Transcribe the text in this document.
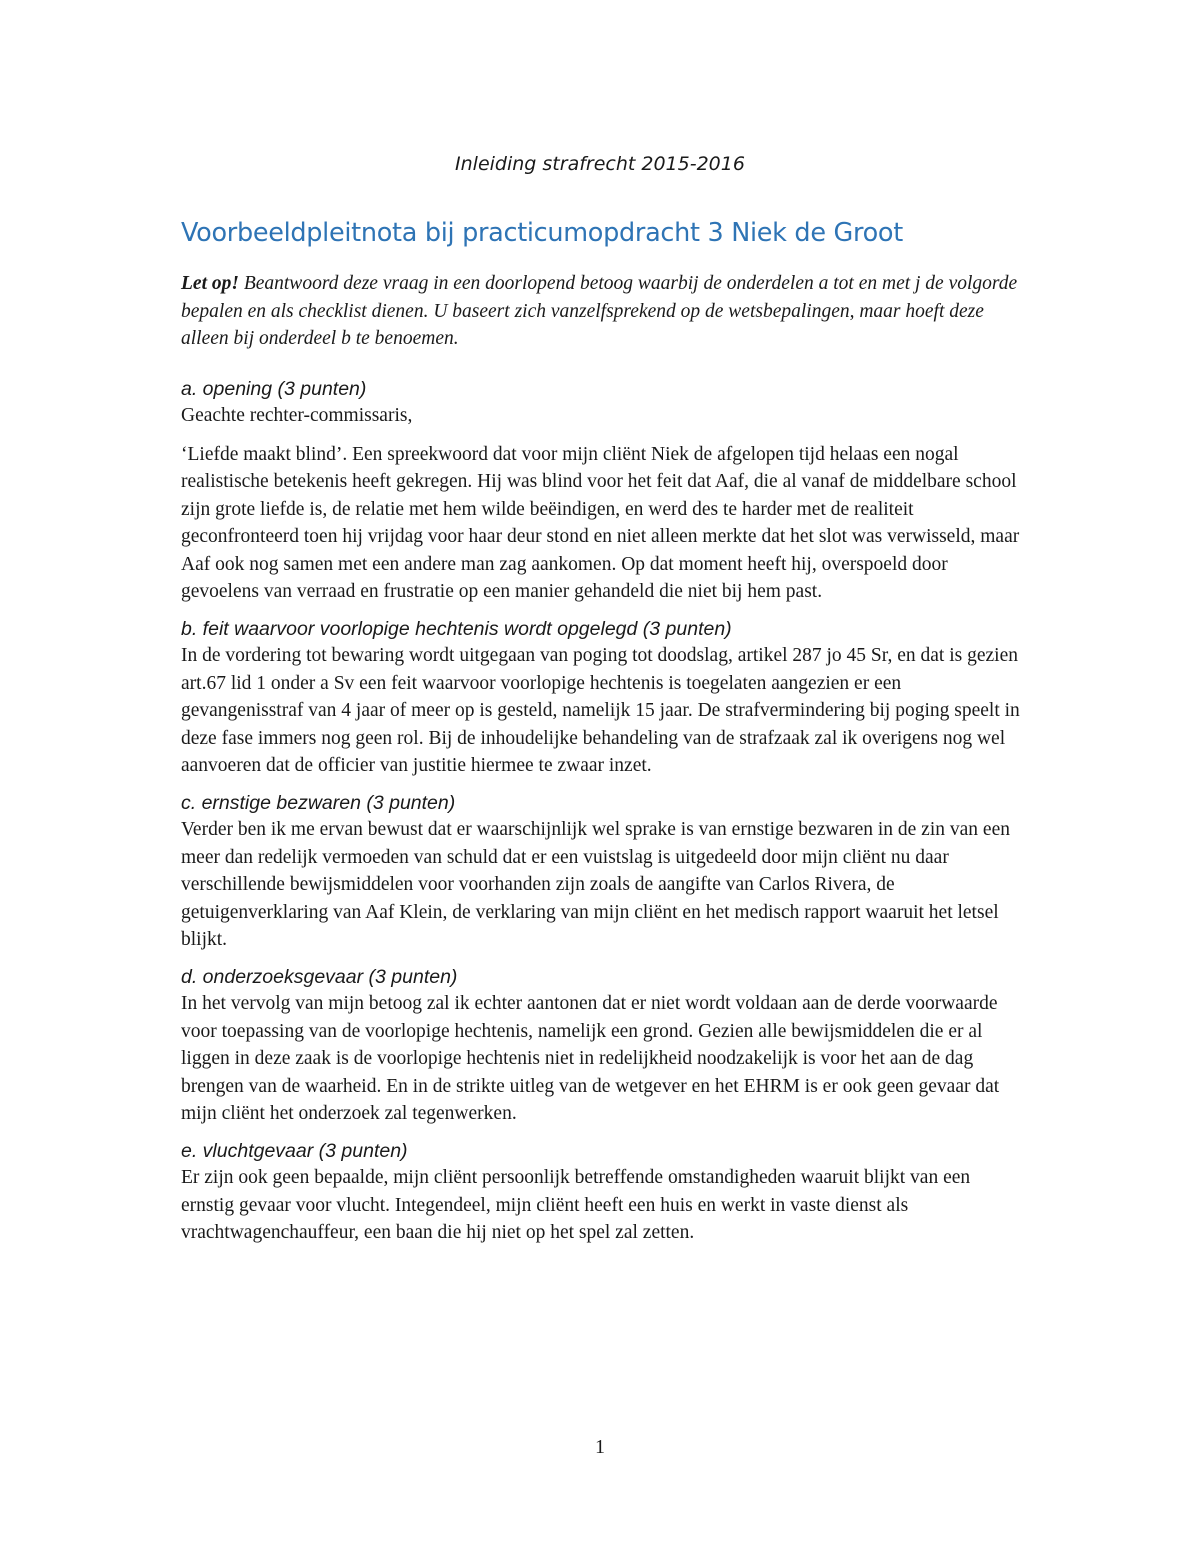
Inleiding strafrecht 2015-2016
Voorbeeldpleitnota bij practicumopdracht 3 Niek de Groot

Let op! Beantwoord deze vraag in een doorlopend betoog waarbij de onderdelen a tot en met j de volgorde bepalen en als checklist dienen. U baseert zich vanzelfsprekend op de wetsbepalingen, maar hoeft deze alleen bij onderdeel b te benoemen.

a. opening (3 punten)

Geachte rechter-commissaris,

‘Liefde maakt blind’. Een spreekwoord dat voor mijn cliënt Niek de afgelopen tijd helaas een nogal realistische betekenis heeft gekregen. Hij was blind voor het feit dat Aaf, die al vanaf de middelbare school zijn grote liefde is, de relatie met hem wilde beëindigen, en werd des te harder met de realiteit geconfronteerd toen hij vrijdag voor haar deur stond en niet alleen merkte dat het slot was verwisseld, maar Aaf ook nog samen met een andere man zag aankomen. Op dat moment heeft hij, overspoeld door gevoelens van verraad en frustratie op een manier gehandeld die niet bij hem past.

b. feit waarvoor voorlopige hechtenis wordt opgelegd (3 punten)

In de vordering tot bewaring wordt uitgegaan van poging tot doodslag, artikel 287 jo 45 Sr, en dat is gezien art.67 lid 1 onder a Sv een feit waarvoor voorlopige hechtenis is toegelaten aangezien er een gevangenisstraf van 4 jaar of meer op is gesteld, namelijk 15 jaar. De strafvermindering bij poging speelt in deze fase immers nog geen rol. Bij de inhoudelijke behandeling van de strafzaak zal ik overigens nog wel aanvoeren dat de officier van justitie hiermee te zwaar inzet.

c. ernstige bezwaren (3 punten)

Verder ben ik me ervan bewust dat er waarschijnlijk wel sprake is van ernstige bezwaren in de zin van een meer dan redelijk vermoeden van schuld dat er een vuistslag is uitgedeeld door mijn cliënt nu daar verschillende bewijsmiddelen voor voorhanden zijn zoals de aangifte van Carlos Rivera, de getuigenverklaring van Aaf Klein, de verklaring van mijn cliënt en het medisch rapport waaruit het letsel blijkt.

d. onderzoeksgevaar (3 punten)

In het vervolg van mijn betoog zal ik echter aantonen dat er niet wordt voldaan aan de derde voorwaarde voor toepassing van de voorlopige hechtenis, namelijk een grond. Gezien alle bewijsmiddelen die er al liggen in deze zaak is de voorlopige hechtenis niet in redelijkheid noodzakelijk is voor het aan de dag brengen van de waarheid. En in de strikte uitleg van de wetgever en het EHRM is er ook geen gevaar dat mijn cliënt het onderzoek zal tegenwerken.

e. vluchtgevaar (3 punten)

Er zijn ook geen bepaalde, mijn cliënt persoonlijk betreffende omstandigheden waaruit blijkt van een ernstig gevaar voor vlucht. Integendeel, mijn cliënt heeft een huis en werkt in vaste dienst als vrachtwagenchauffeur, een baan die hij niet op het spel zal zetten.

1
